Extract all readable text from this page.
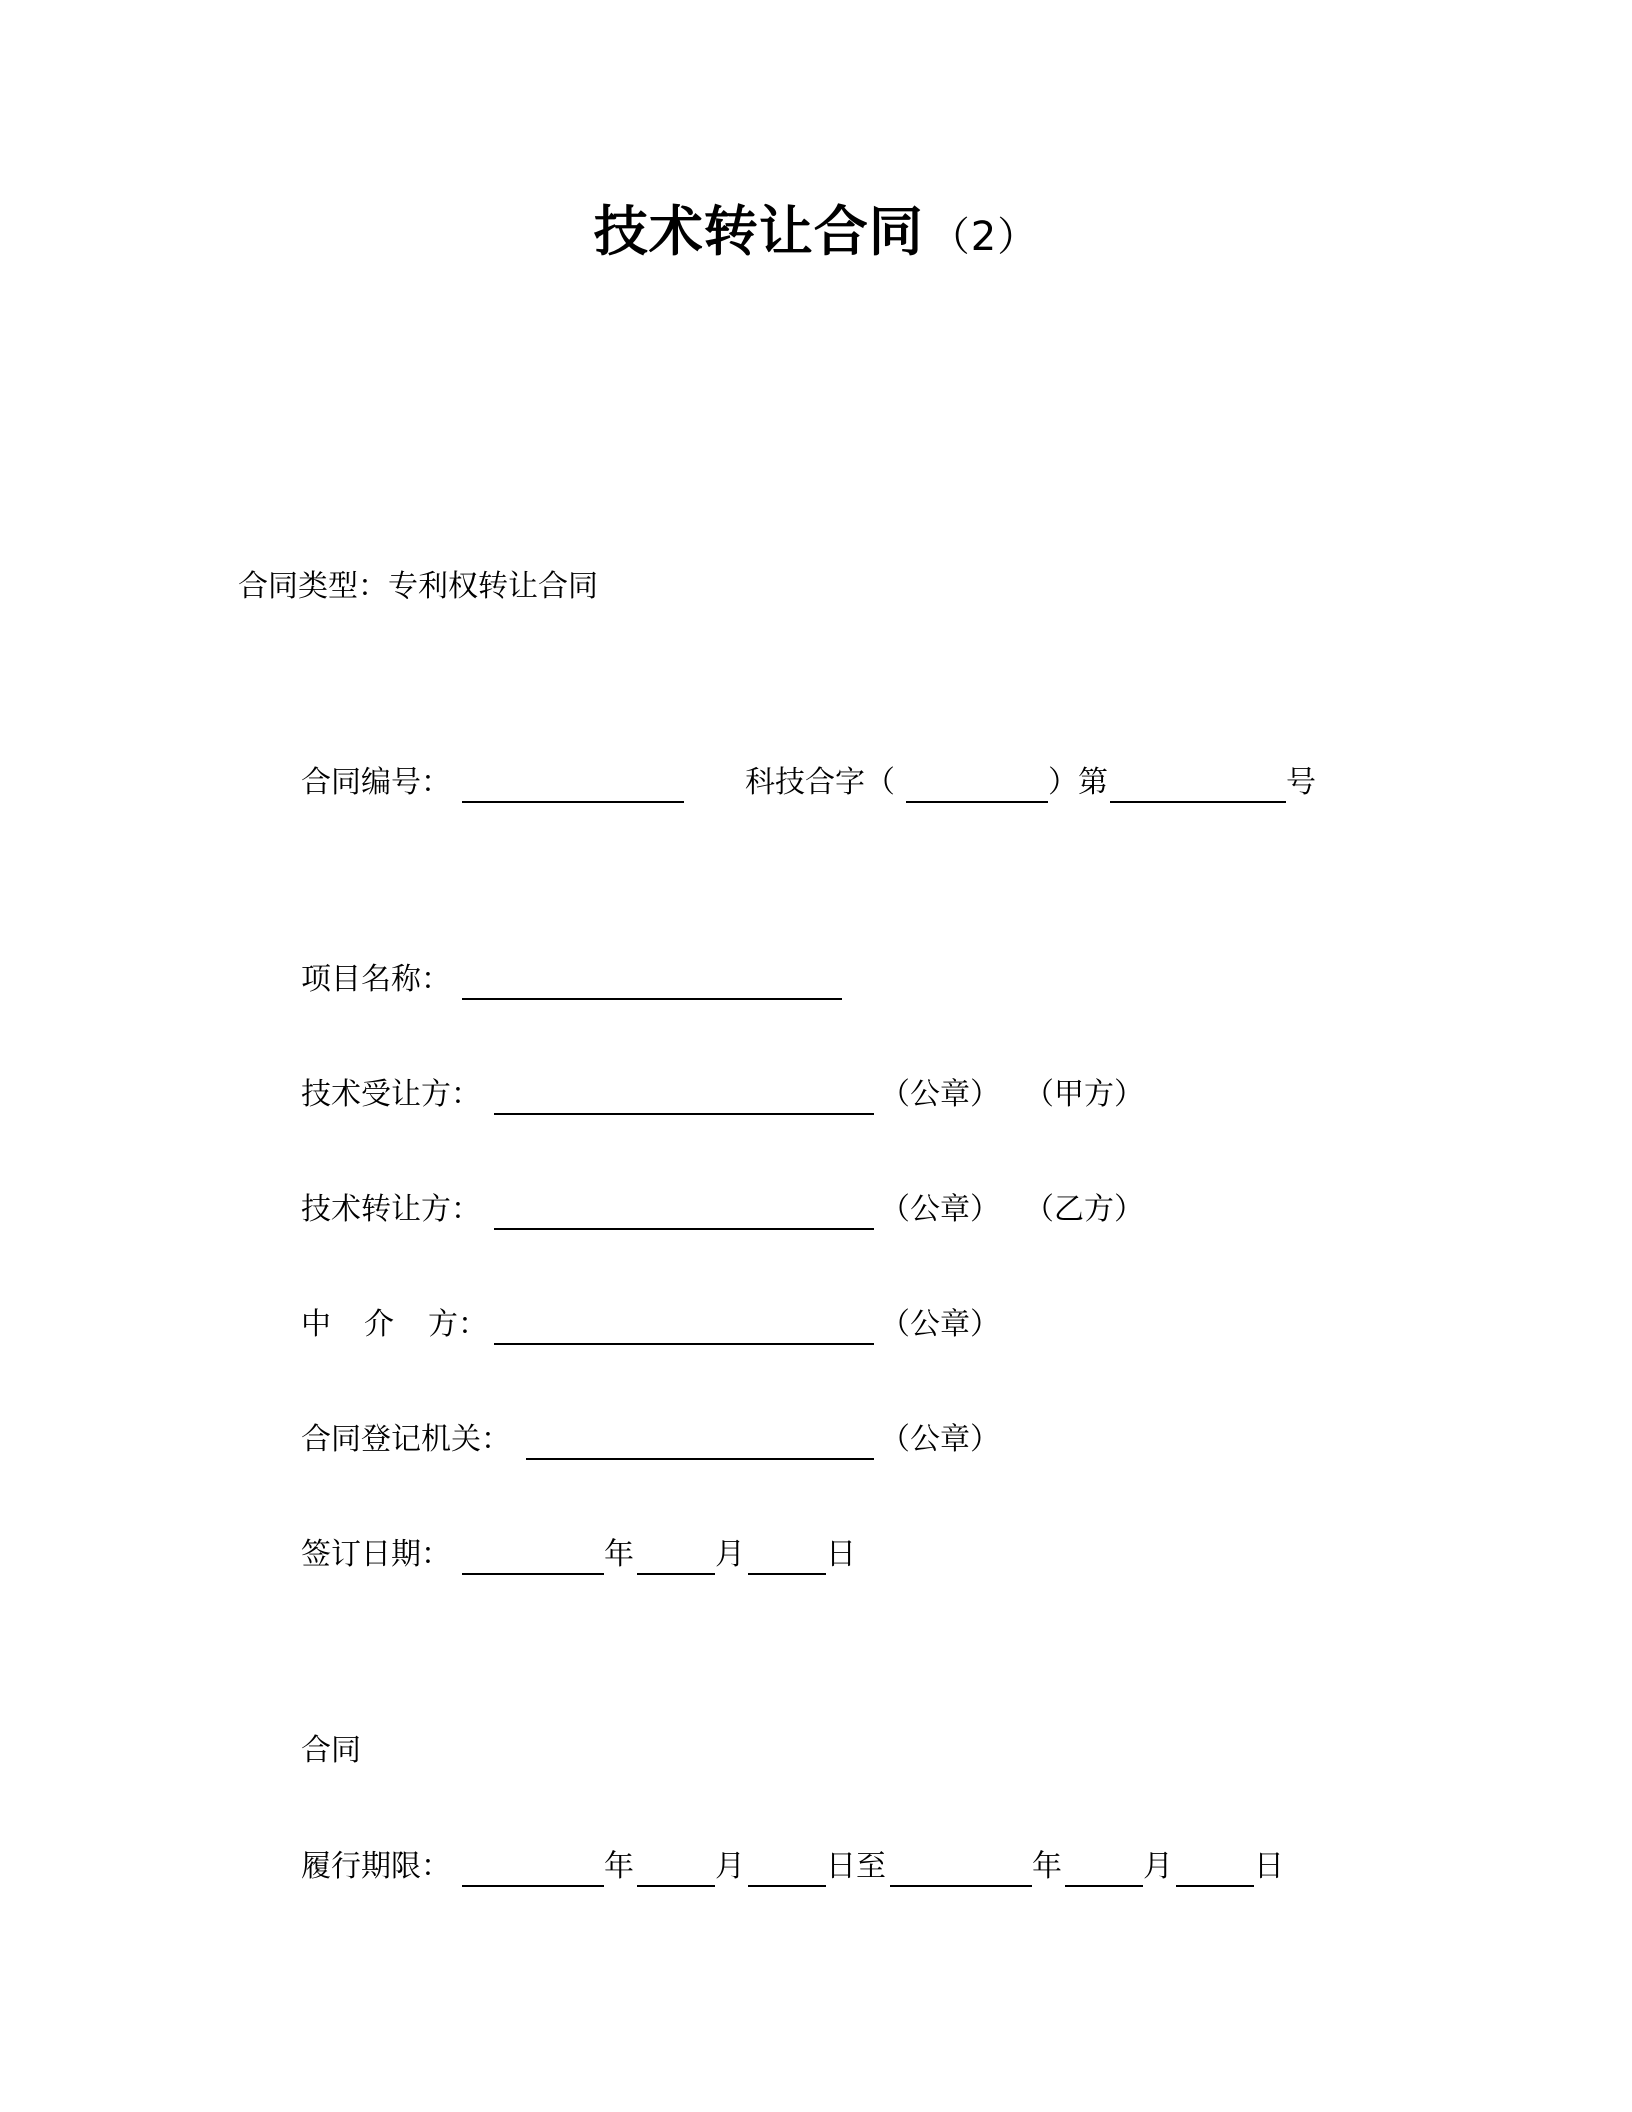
技术转让合同 （2）
合同类型：专利权转让合同
合同编号：	科技合字（	）第	号
项目名称：
技术受让方：	（公章） （甲方）
技术转让方：	（公章） （乙方）
中 介 方：	（公章）
合同登记机关：	（公章）
签订日期：	年	月	日
合同
履行期限：	年	月	日至	年	月	日
